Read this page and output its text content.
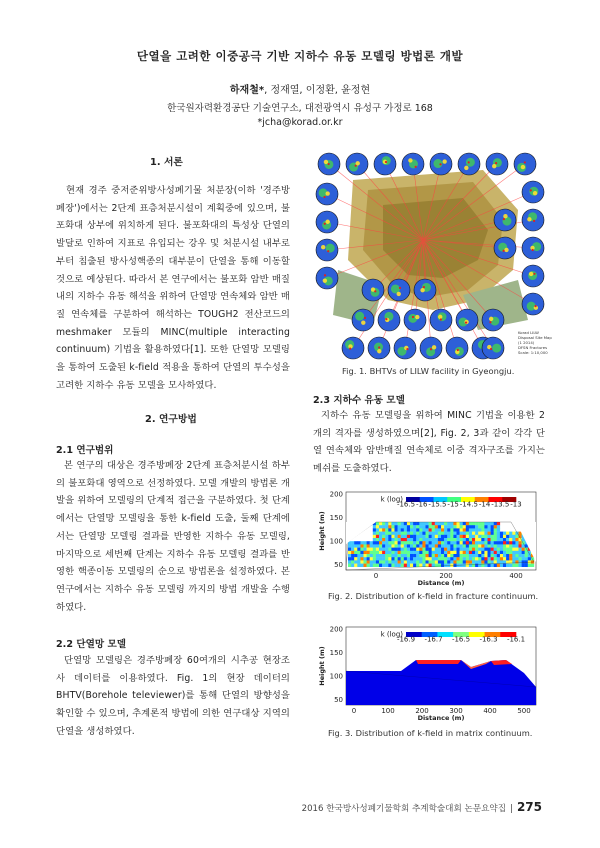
단열을 고려한 이중공극 기반 지하수 유동 모델링 방법론 개발
하재철*, 정재열, 이정환, 윤정현
한국원자력환경공단 기술연구소, 대전광역시 유성구 가정로 168
*jcha@korad.or.kr
1. 서론
현재 경주 중저준위방사성폐기물 처분장(이하 '경주방폐장')에서는 2단계 표층처분시설이 계획중에 있으며, 불포화대 상부에 위치하게 된다. 불포화대의 특성상 단열의 발달로 인하여 지표로 유입되는 강우 및 처분시설 내부로부터 침출된 방사성핵종의 대부분이 단열을 통해 이동할 것으로 예상된다. 따라서 본 연구에서는 불포화 암반 매질내의 지하수 유동 해석을 위하여 단열망 연속체와 암반 매질 연속체를 구분하여 해석하는 TOUGH2 전산코드의 meshmaker 모듈의 MINC(multiple interacting continuum) 기법을 활용하였다[1]. 또한 단열망 모델링을 통하여 도출된 k-field 적용을 통하여 단열의 투수성을 고려한 지하수 유동 모델을 모사하였다.
2. 연구방법
2.1 연구범위
본 연구의 대상은 경주방폐장 2단계 표층처분시설 하부의 불포화대 영역으로 선정하였다. 모델 개발의 방법론 개발을 위하여 모델링의 단계적 접근을 구분하였다. 첫 단계에서는 단열망 모델링을 통한 k-field 도출, 둘째 단계에서는 단열망 모델링 결과를 반영한 지하수 유동 모델링, 마지막으로 세번째 단계는 지하수 유동 모델링 결과를 반영한 핵종이동 모델링의 순으로 방법론을 설정하였다. 본 연구에서는 지하수 유동 모델링 까지의 방법 개발을 수행하였다.
2.2 단열망 모델
단열망 모델링은 경주방폐장 60여개의 시추공 현장조사 데이터를 이용하였다. Fig. 1의 현장 데이터의 BHTV(Borehole televiewer)를 통해 단열의 방향성을 확인할 수 있으며, 추계론적 방법에 의한 연구대상 지역의 단열을 생성하였다.
Korad LILW Disposal Site Map (1 2014)
DFSN Fractures
Scale: 1:10,000
Fig. 1. BHTVs of LILW facility in Gyeongju.
2.3 지하수 유동 모델
지하수 유동 모델링을 위하여 MINC 기법을 이용한 2개의 격자를 생성하였으며[2], Fig. 2, 3과 같이 각각 단열 연속체와 암반매질 연속체로 이중 격자구조를 가지는 메쉬를 도출하였다.
k (log)
-16.5 -16 -15.5 -15 -14.5 -14 -13.5 -13
200
150
100
50
0	200	400
Distance (m)
Height (m)
Fig. 2. Distribution of k-field in fracture continuum.
k (log)
-16.9 -16.7 -16.5 -16.3 -16.1
200
150
100
50
0	100	200	300	400	500
Distance (m)
Height (m)
Fig. 3. Distribution of k-field in matrix continuum.
2016 한국방사성폐기물학회 추계학술대회 논문요약집 | 275
